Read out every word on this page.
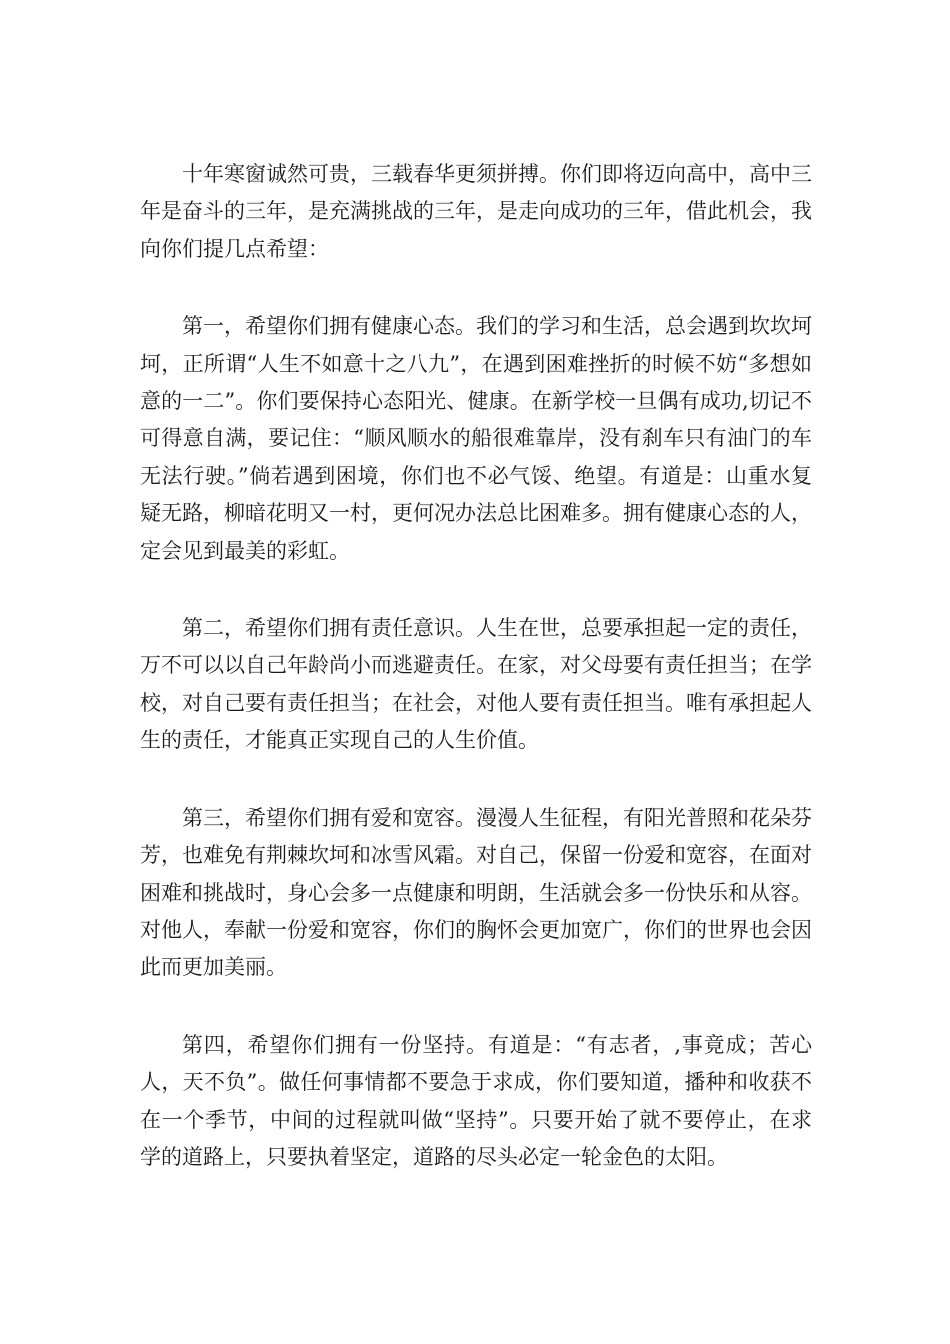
十年寒窗诚然可贵，三载春华更须拼搏。你们即将迈向高中，高中三年是奋斗的三年，是充满挑战的三年，是走向成功的三年，借此机会，我向你们提几点希望：

第一，希望你们拥有健康心态。我们的学习和生活，总会遇到坎坎坷坷，正所谓“人生不如意十之八九”，在遇到困难挫折的时候不妨“多想如意的一二”。你们要保持心态阳光、健康。在新学校一旦偶有成功,切记不可得意自满，要记住：“顺风顺水的船很难靠岸，没有刹车只有油门的车无法行驶。”倘若遇到困境，你们也不必气馁、绝望。有道是：山重水复疑无路，柳暗花明又一村，更何况办法总比困难多。拥有健康心态的人，定会见到最美的彩虹。

第二，希望你们拥有责任意识。人生在世，总要承担起一定的责任，万不可以以自己年龄尚小而逃避责任。在家，对父母要有责任担当；在学校，对自己要有责任担当；在社会，对他人要有责任担当。唯有承担起人生的责任，才能真正实现自己的人生价值。

第三，希望你们拥有爱和宽容。漫漫人生征程，有阳光普照和花朵芬芳，也难免有荆棘坎坷和冰雪风霜。对自己，保留一份爱和宽容，在面对困难和挑战时，身心会多一点健康和明朗，生活就会多一份快乐和从容。对他人，奉献一份爱和宽容，你们的胸怀会更加宽广，你们的世界也会因此而更加美丽。

第四，希望你们拥有一份坚持。有道是：“有志者，,事竟成；苦心人，天不负”。做任何事情都不要急于求成，你们要知道，播种和收获不在一个季节，中间的过程就叫做“坚持”。只要开始了就不要停止，在求学的道路上，只要执着坚定，道路的尽头必定一轮金色的太阳。
